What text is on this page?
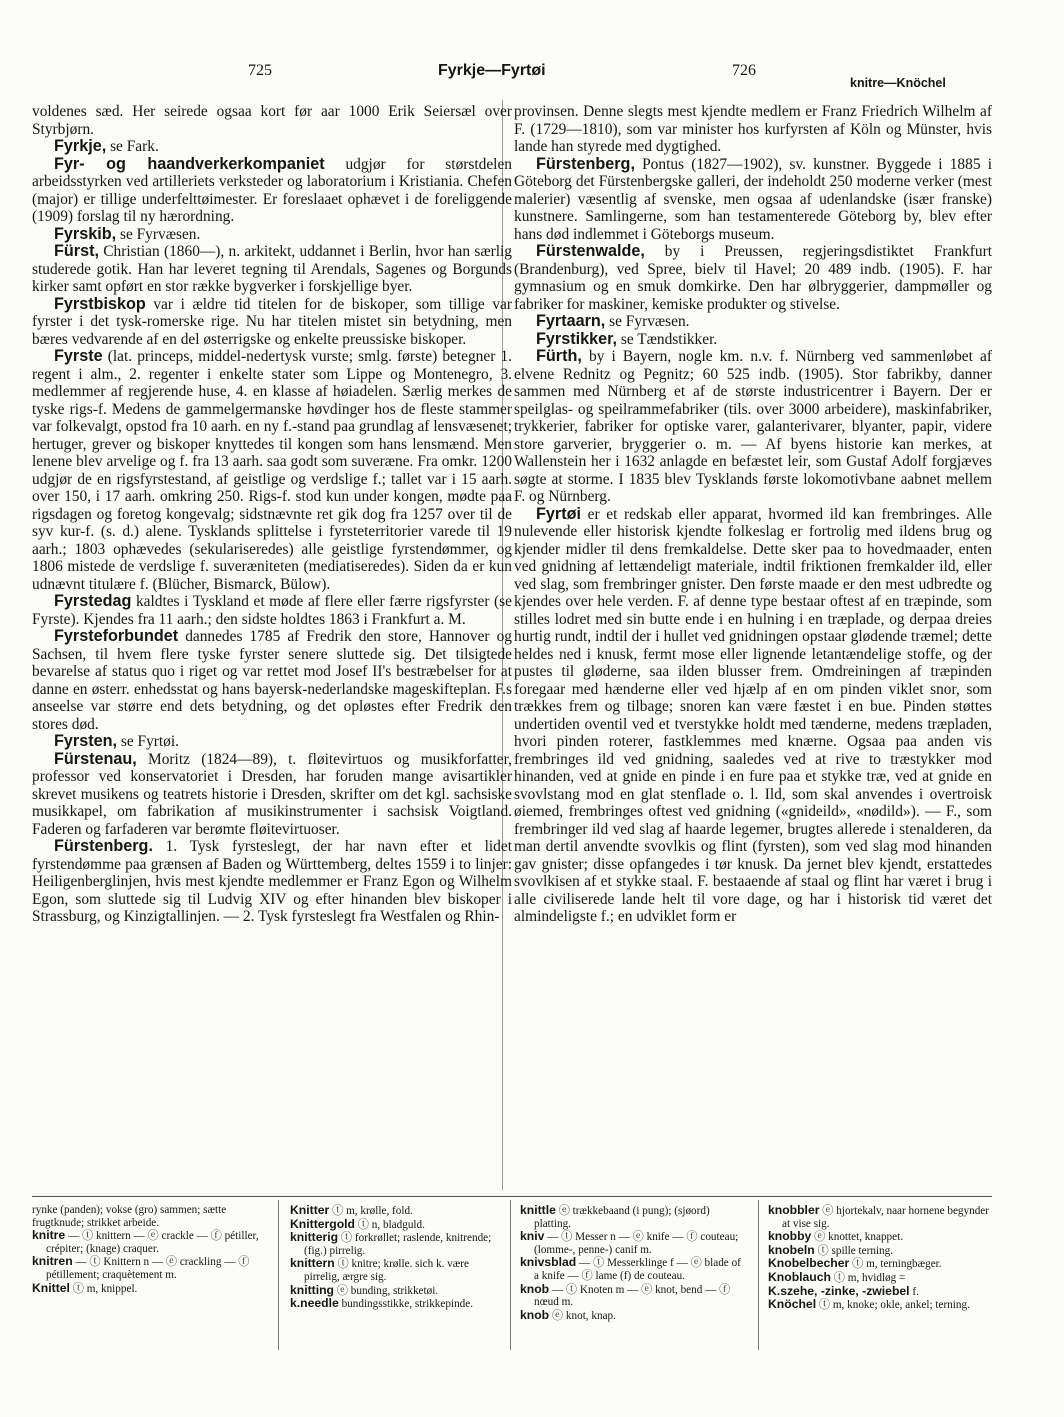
725	Fyrkje—Fyrtøi	726
knitre—Knöchel

voldenes sæd. Her seirede ogsaa kort før aar 1000 Erik Seiersæl over Styrbjørn.

Fyrkje, se Fark.

Fyr- og haandverkerkompaniet udgjør for størstdelen arbeidsstyrken ved artilleriets verksteder og laboratorium i Kristiania. Chefen (major) er tillige underfelttøimester. Er foreslaaet ophævet i de foreliggende (1909) forslag til ny hærordning.

Fyrskib, se Fyrvæsen.

Fürst, Christian (1860—), n. arkitekt, uddannet i Berlin, hvor han særlig studerede gotik. Han har leveret tegning til Arendals, Sagenes og Borgunds kirker samt opført en stor række bygverker i forskjellige byer.

Fyrstbiskop var i ældre tid titelen for de biskoper, som tillige var fyrster i det tysk-romerske rige. Nu har titelen mistet sin betydning, men bæres vedvarende af en del østerrigske og enkelte preussiske biskoper.

Fyrste (lat. princeps, middel-nedertysk vurste; smlg. første) betegner 1. regent i alm., 2. regenter i enkelte stater som Lippe og Montenegro, 3. medlemmer af regjerende huse, 4. en klasse af høiadelen. Særlig merkes de tyske rigs-f. Medens de gammelgermanske høvdinger hos de fleste stammer var folkevalgt, opstod fra 10 aarh. en ny f.-stand paa grundlag af lensvæsenet; hertuger, grever og biskoper knyttedes til kongen som hans lensmænd. Men lenene blev arvelige og f. fra 13 aarh. saa godt som suveræne. Fra omkr. 1200 udgjør de en rigsfyrstestand, af geistlige og verdslige f.; tallet var i 15 aarh. over 150, i 17 aarh. omkring 250. Rigs-f. stod kun under kongen, mødte paa rigsdagen og foretog kongevalg; sidstnævnte ret gik dog fra 1257 over til de syv kur-f. (s. d.) alene. Tysklands splittelse i fyrsteterritorier varede til 19 aarh.; 1803 ophævedes (sekulariseredes) alle geistlige fyrstendømmer, og 1806 mistede de verdslige f. suveræniteten (mediatiseredes). Siden da er kun udnævnt titulære f. (Blücher, Bismarck, Bülow).

Fyrstedag kaldtes i Tyskland et møde af flere eller færre rigsfyrster (se Fyrste). Kjendes fra 11 aarh.; den sidste holdtes 1863 i Frankfurt a. M.

Fyrsteforbundet dannedes 1785 af Fredrik den store, Hannover og Sachsen, til hvem flere tyske fyrster senere sluttede sig. Det tilsigtede bevarelse af status quo i riget og var rettet mod Josef II's bestræbelser for at danne en østerr. enhedsstat og hans bayersk-nederlandske mageskifteplan. F.s anseelse var større end dets betydning, og det opløstes efter Fredrik den stores død.

Fyrsten, se Fyrtøi.

Fürstenau, Moritz (1824—89), t. fløitevirtuos og musikforfatter, professor ved konservatoriet i Dresden, har foruden mange avisartikler skrevet musikens og teatrets historie i Dresden, skrifter om det kgl. sachsiske musikkapel, om fabrikation af musikinstrumenter i sachsisk Voigtland. Faderen og farfaderen var berømte fløitevirtuoser.

Fürstenberg. 1. Tysk fyrsteslegt, der har navn efter et lidet fyrstendømme paa grænsen af Baden og Württemberg, deltes 1559 i to linjer: Heiligenberglinjen, hvis mest kjendte medlemmer er Franz Egon og Wilhelm Egon, som sluttede sig til Ludvig XIV og efter hinanden blev biskoper i Strassburg, og Kinzigtallinjen. — 2. Tysk fyrsteslegt fra Westfalen og Rhin-

provinsen. Denne slegts mest kjendte medlem er Franz Friedrich Wilhelm af F. (1729—1810), som var minister hos kurfyrsten af Köln og Münster, hvis lande han styrede med dygtighed.

Fürstenberg, Pontus (1827—1902), sv. kunstner. Byggede i 1885 i Göteborg det Fürstenbergske galleri, der indeholdt 250 moderne verker (mest malerier) væsentlig af svenske, men ogsaa af udenlandske (især franske) kunstnere. Samlingerne, som han testamenterede Göteborg by, blev efter hans død indlemmet i Göteborgs museum.

Fürstenwalde, by i Preussen, regjeringsdistiktet Frankfurt (Brandenburg), ved Spree, bielv til Havel; 20 489 indb. (1905). F. har gymnasium og en smuk domkirke. Den har ølbryggerier, dampmøller og fabriker for maskiner, kemiske produkter og stivelse.

Fyrtaarn, se Fyrvæsen.

Fyrstikker, se Tændstikker.

Fürth, by i Bayern, nogle km. n.v. f. Nürnberg ved sammenløbet af elvene Rednitz og Pegnitz; 60 525 indb. (1905). Stor fabrikby, danner sammen med Nürnberg et af de største industricentrer i Bayern. Der er speilglas- og speilrammefabriker (tils. over 3000 arbeidere), maskinfabriker, trykkerier, fabriker for optiske varer, galanterivarer, blyanter, papir, videre store garverier, bryggerier o. m. — Af byens historie kan merkes, at Wallenstein her i 1632 anlagde en befæstet leir, som Gustaf Adolf forgjæves søgte at storme. I 1835 blev Tysklands første lokomotivbane aabnet mellem F. og Nürnberg.

Fyrtøi er et redskab eller apparat, hvormed ild kan frembringes. Alle nulevende eller historisk kjendte folkeslag er fortrolig med ildens brug og kjender midler til dens fremkaldelse. Dette sker paa to hovedmaader, enten ved gnidning af lettændeligt materiale, indtil friktionen fremkalder ild, eller ved slag, som frembringer gnister. Den første maade er den mest udbredte og kjendes over hele verden. F. af denne type bestaar oftest af en træpinde, som stilles lodret med sin butte ende i en hulning i en træplade, og derpaa dreies hurtig rundt, indtil der i hullet ved gnidningen opstaar glødende træmel; dette heldes ned i knusk, fermt mose eller lignende letantændelige stoffe, og der pustes til gløderne, saa ilden blusser frem. Omdreiningen af træpinden foregaar med hænderne eller ved hjælp af en om pinden viklet snor, som trækkes frem og tilbage; snoren kan være fæstet i en bue. Pinden støttes undertiden oventil ved et tverstykke holdt med tænderne, medens træpladen, hvori pinden roterer, fastklemmes med knærne. Ogsaa paa anden vis frembringes ild ved gnidning, saaledes ved at rive to træstykker mod hinanden, ved at gnide en pinde i en fure paa et stykke træ, ved at gnide en svovlstang mod en glat stenflade o. l. Ild, som skal anvendes i overtroisk øiemed, frembringes oftest ved gnidning («gnideild», «nødild»). — F., som frembringer ild ved slag af haarde legemer, brugtes allerede i stenalderen, da man dertil anvendte svovlkis og flint (fyrsten), som ved slag mod hinanden gav gnister; disse opfangedes i tør knusk. Da jernet blev kjendt, erstattedes svovlkisen af et stykke staal. F. bestaaende af staal og flint har været i brug i alle civiliserede lande helt til vore dage, og har i historisk tid været det almindeligste f.; en udviklet form er

rynke (panden); vokse (gro) sammen; sætte frugtknude; strikket arbeide.

knitre — ⓣ knittern — ⓔ crackle — ⓕ pétiller, crépiter; (knage) craquer.

knitren — ⓣ Knittern n — ⓔ crackling — ⓕ pétillement; craquètement m.

Knittel ⓣ m, knippel.

Knitter ⓣ m, krølle, fold.

Knittergold ⓣ n, bladguld.

knitterig ⓣ forkrøllet; raslende, knitrende; (fig.) pirrelig.

knittern ⓣ knitre; krølle. sich k. være pirrelig, ærgre sig.

knitting ⓔ bunding, strikketøi.

k.needle bundingsstikke, strikkepinde.

knittle ⓔ trækkebaand (i pung); (sjøord) platting.

kniv — ⓣ Messer n — ⓔ knife — ⓕ couteau; (lomme-, penne-) canif m.

knivsblad — ⓣ Messerklinge f — ⓔ blade of a knife — ⓕ lame (f) de couteau.

knob — ⓣ Knoten m — ⓔ knot, bend — ⓕ nœud m.

knob ⓔ knot, knap.

knobbler ⓔ hjortekalv, naar hornene begynder at vise sig.

knobby ⓔ knottet, knappet.

knobeln ⓣ spille terning.

Knobelbecher ⓣ m, terningbæger.

Knoblauch ⓣ m, hvidløg =

K.szehe, -zinke, -zwiebel f.

Knöchel ⓣ m, knoke; okle, ankel; terning.
